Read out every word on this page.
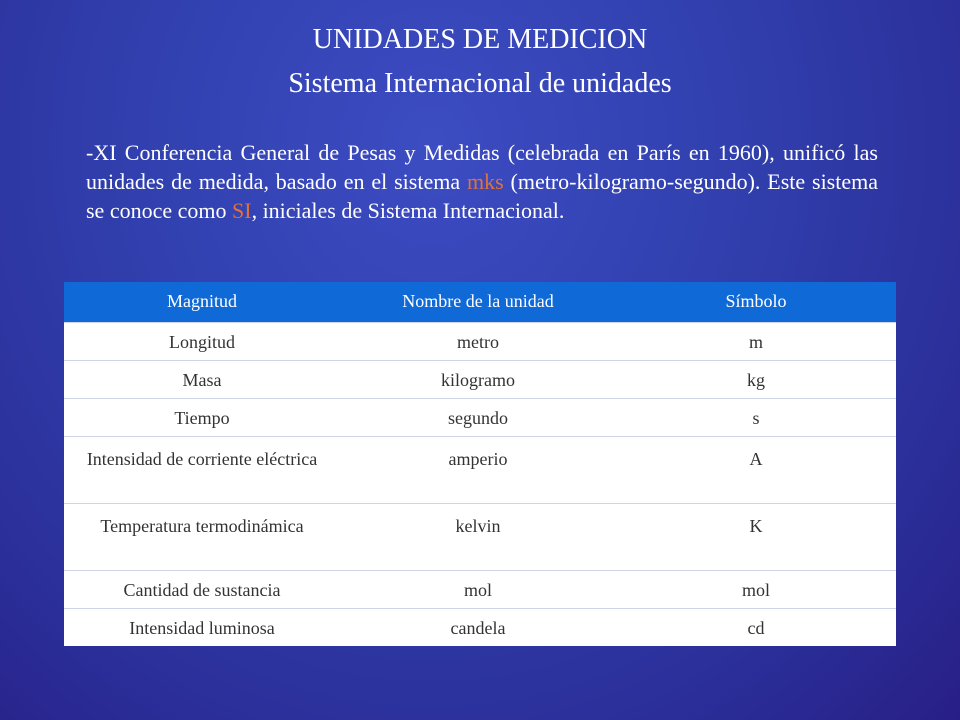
UNIDADES DE MEDICION
Sistema Internacional de unidades

-XI Conferencia General de Pesas y Medidas (celebrada en París en 1960), unificó las unidades de medida, basado en el sistema mks (metro-kilogramo-segundo). Este sistema se conoce como SI, iniciales de Sistema Internacional.

Magnitud	Nombre de la unidad	Símbolo
Longitud	metro	m
Masa	kilogramo	kg
Tiempo	segundo	s
Intensidad de corriente eléctrica	amperio	A
Temperatura termodinámica	kelvin	K
Cantidad de sustancia	mol	mol
Intensidad luminosa	candela	cd
